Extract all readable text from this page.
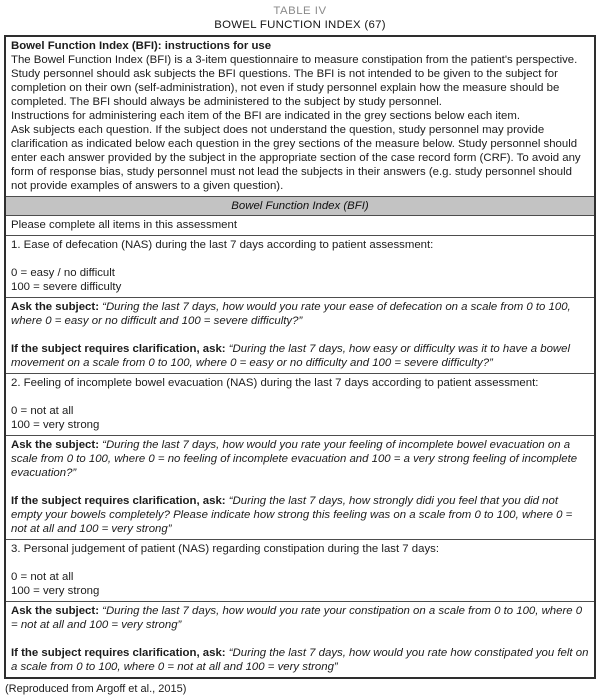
TABLE IV
BOWEL FUNCTION INDEX (67)
Bowel Function Index (BFI): instructions for use
The Bowel Function Index (BFI) is a 3-item questionnaire to measure constipation from the patient's perspective. Study personnel should ask subjects the BFI questions. The BFI is not intended to be given to the subject for completion on their own (self-administration), not even if study personnel explain how the measure should be completed. The BFI should always be administered to the subject by study personnel.
Instructions for administering each item of the BFI are indicated in the grey sections below each item.
Ask subjects each question. If the subject does not understand the question, study personnel may provide clarification as indicated below each question in the grey sections of the measure below. Study personnel should enter each answer provided by the subject in the appropriate section of the case record form (CRF). To avoid any form of response bias, study personnel must not lead the subjects in their answers (e.g. study personnel should not provide examples of answers to a given question).
Bowel Function Index (BFI)
Please complete all items in this assessment
1. Ease of defecation (NAS) during the last 7 days according to patient assessment:
0 = easy / no difficult
100 = severe difficulty

Ask the subject: “During the last 7 days, how would you rate your ease of defecation on a scale from 0 to 100, where 0 = easy or no difficult and 100 = severe difficulty?”

If the subject requires clarification, ask: “During the last 7 days, how easy or difficulty was it to have a bowel movement on a scale from 0 to 100, where 0 = easy or no difficulty and 100 = severe difficulty?”

2. Feeling of incomplete bowel evacuation (NAS) during the last 7 days according to patient assessment:
0 = not at all
100 = very strong

Ask the subject: “During the last 7 days, how would you rate your feeling of incomplete bowel evacuation on a scale from 0 to 100, where 0 = no feeling of incomplete evacuation and 100 = a very strong feeling of incomplete evacuation?”

If the subject requires clarification, ask: “During the last 7 days, how strongly didi you feel that you did not empty your bowels completely? Please indicate how strong this feeling was on a scale from 0 to 100, where 0 = not at all and 100 = very strong”

3. Personal judgement of patient (NAS) regarding constipation during the last 7 days:
0 = not at all
100 = very strong

Ask the subject: “During the last 7 days, how would you rate your constipation on a scale from 0 to 100, where 0 = not at all and 100 = very strong”

If the subject requires clarification, ask: “During the last 7 days, how would you rate how constipated you felt on a scale from 0 to 100, where 0 = not at all and 100 = very strong”

(Reproduced from Argoff et al., 2015)
